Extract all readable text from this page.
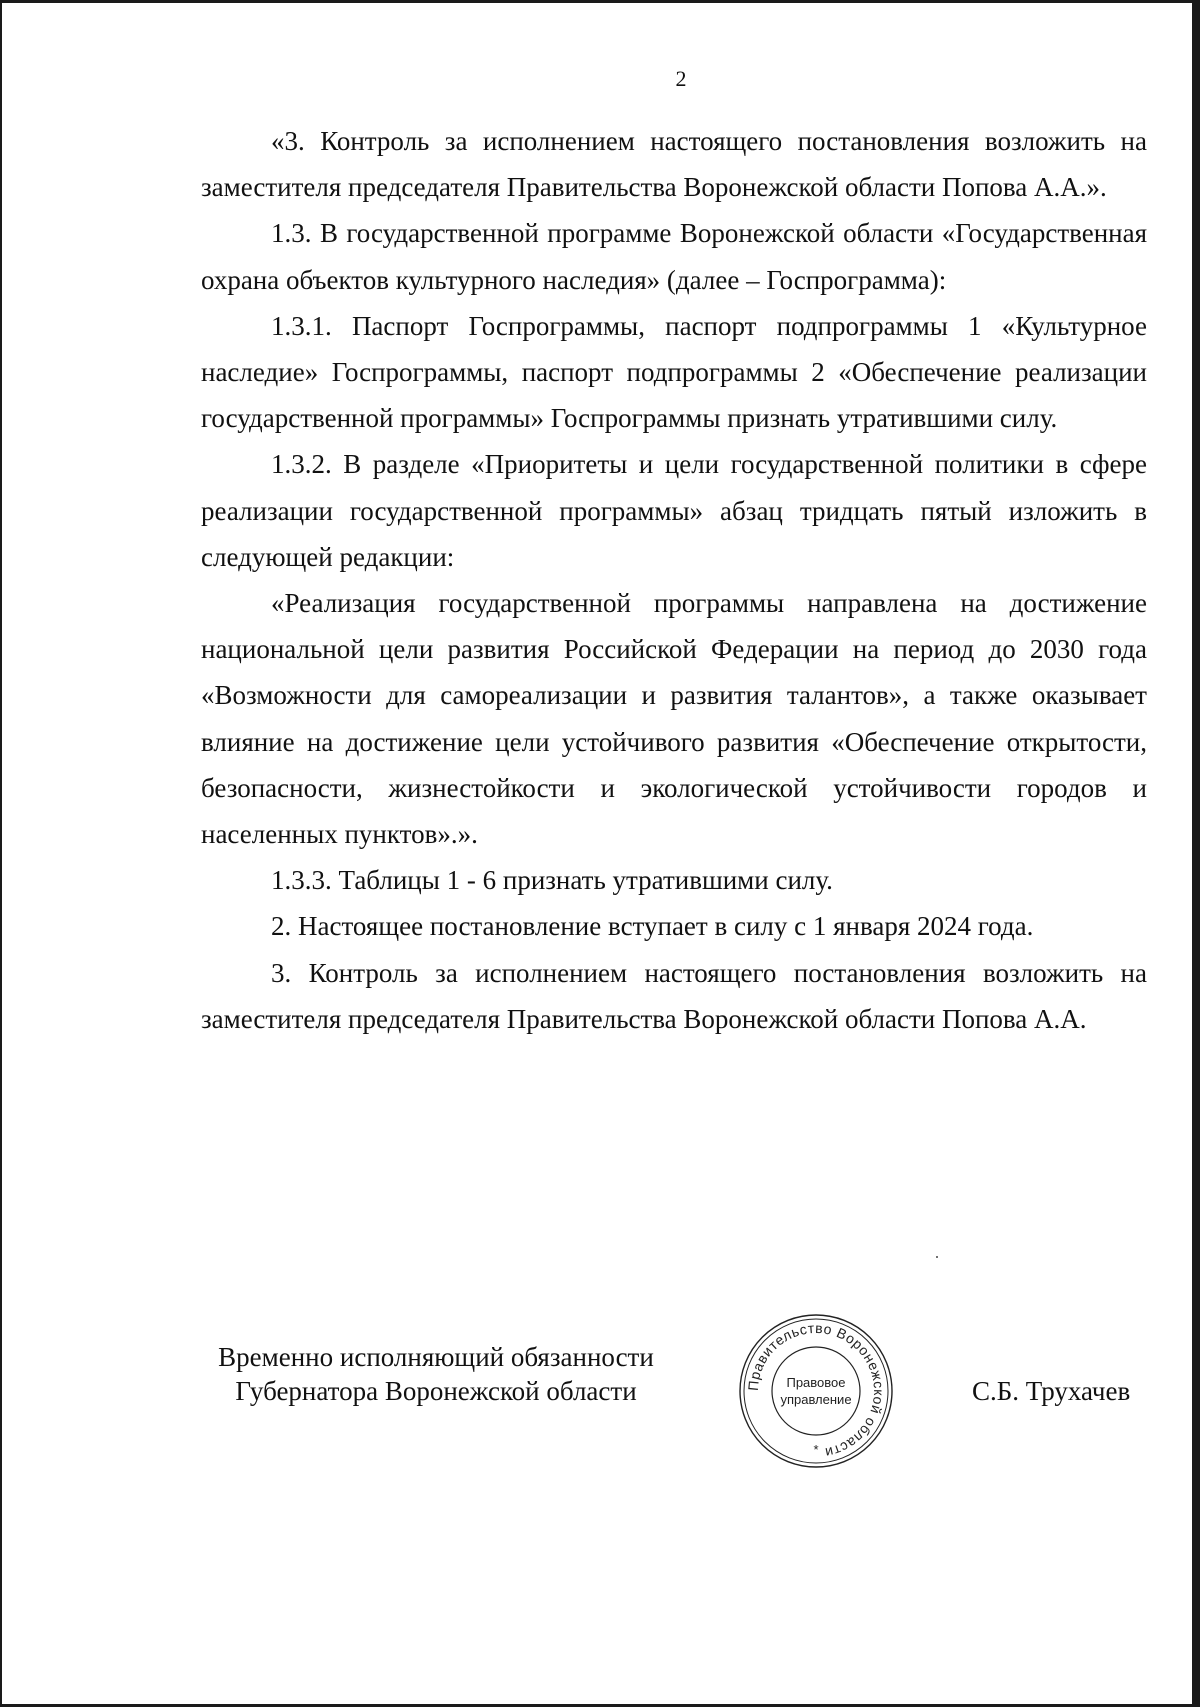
2

«3. Контроль за исполнением настоящего постановления возложить на заместителя председателя Правительства Воронежской области Попова А.А.».

1.3. В государственной программе Воронежской области «Государственная охрана объектов культурного наследия» (далее – Госпрограмма):

1.3.1. Паспорт Госпрограммы, паспорт подпрограммы 1 «Культурное наследие» Госпрограммы, паспорт подпрограммы 2 «Обеспечение реализации государственной программы» Госпрограммы признать утратившими силу.

1.3.2. В разделе «Приоритеты и цели государственной политики в сфере реализации государственной программы» абзац тридцать пятый изложить в следующей редакции:

«Реализация государственной программы направлена на достижение национальной цели развития Российской Федерации на период до 2030 года «Возможности для самореализации и развития талантов», а также оказывает влияние на достижение цели устойчивого развития «Обеспечение открытости, безопасности, жизнестойкости и экологической устойчивости городов и населенных пунктов».».

1.3.3. Таблицы 1 - 6 признать утратившими силу.

2. Настоящее постановление вступает в силу с 1 января 2024 года.

3. Контроль за исполнением настоящего постановления возложить на заместителя председателя Правительства Воронежской области Попова А.А.

Временно исполняющий обязанности
Губернатора Воронежской области	Правительство Воронежской области
Правовое
управление
*
С.Б. Трухачев
